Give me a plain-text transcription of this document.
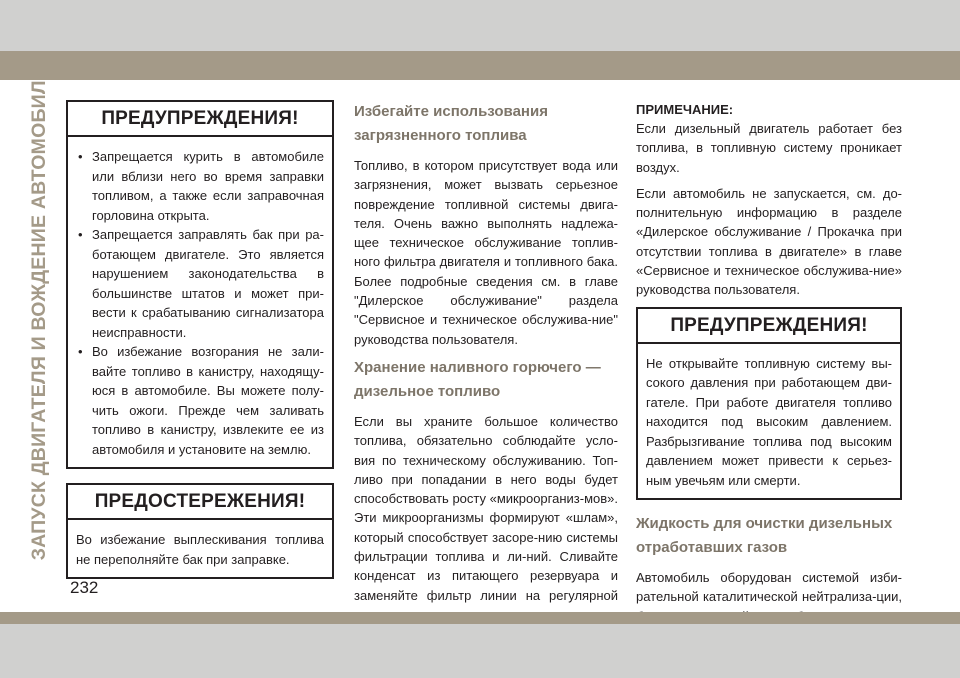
ЗАПУСК ДВИГАТЕЛЯ И ВОЖДЕНИЕ АВТОМОБИЛЯ	ПРЕДУПРЕЖДЕНИЯ!
• Запрещается курить в автомобиле или вблизи него во время заправки топливом, а также если заправочная горловина открыта.
• Запрещается заправлять бак при ра-ботающем двигателе. Это является нарушением законодательства в большинстве штатов и может при-вести к срабатыванию сигнализатора неисправности.
• Во избежание возгорания не зали-вайте топливо в канистру, находящу-юся в автомобиле. Вы можете полу-чить ожоги. Прежде чем заливать топливо в канистру, извлеките ее из автомобиля и установите на землю.
ПРЕДОСТЕРЕЖЕНИЯ!
Во избежание выплескивания топлива не переполняйте бак при заправке.
Избегайте использования загрязненного топлива

Топливо, в котором присутствует вода или загрязнения, может вызвать серьезное повреждение топливной системы двига-теля. Очень важно выполнять надлежа-щее техническое обслуживание топлив-ного фильтра двигателя и топливного бака. Более подробные сведения см. в главе "Дилерское обслуживание" раздела "Сервисное и техническое обслужива-ние" руководства пользователя.

Хранение наливного горючего — дизельное топливо

Если вы храните большое количество топлива, обязательно соблюдайте усло-вия по техническому обслуживанию. Топ-ливо при попадании в него воды будет способствовать росту «микроорганиз-мов». Эти микроорганизмы формируют «шлам», который способствует засоре-нию системы фильтрации топлива и ли-ний. Сливайте конденсат из питающего резервуара и заменяйте фильтр линии на регулярной

ПРИМЕЧАНИЕ:

Если дизельный двигатель работает без топлива, в топливную систему проникает воздух.

Если автомобиль не запускается, см. до-полнительную информацию в разделе «Дилерское обслуживание / Прокачка при отсутствии топлива в двигателе» в главе «Сервисное и техническое обслужива-ние» руководства пользователя.

ПРЕДУПРЕЖДЕНИЯ!
Не открывайте топливную систему вы-сокого давления при работающем дви-гателе. При работе двигателя топливо находится под высоким давлением. Разбрызгивание топлива под высоким давлением может привести к серьез-ным увечьям или смерти.
Жидкость для очистки дизельных отработавших газов

Автомобиль оборудован системой изби-рательной каталитической нейтрализа-ции,

232
